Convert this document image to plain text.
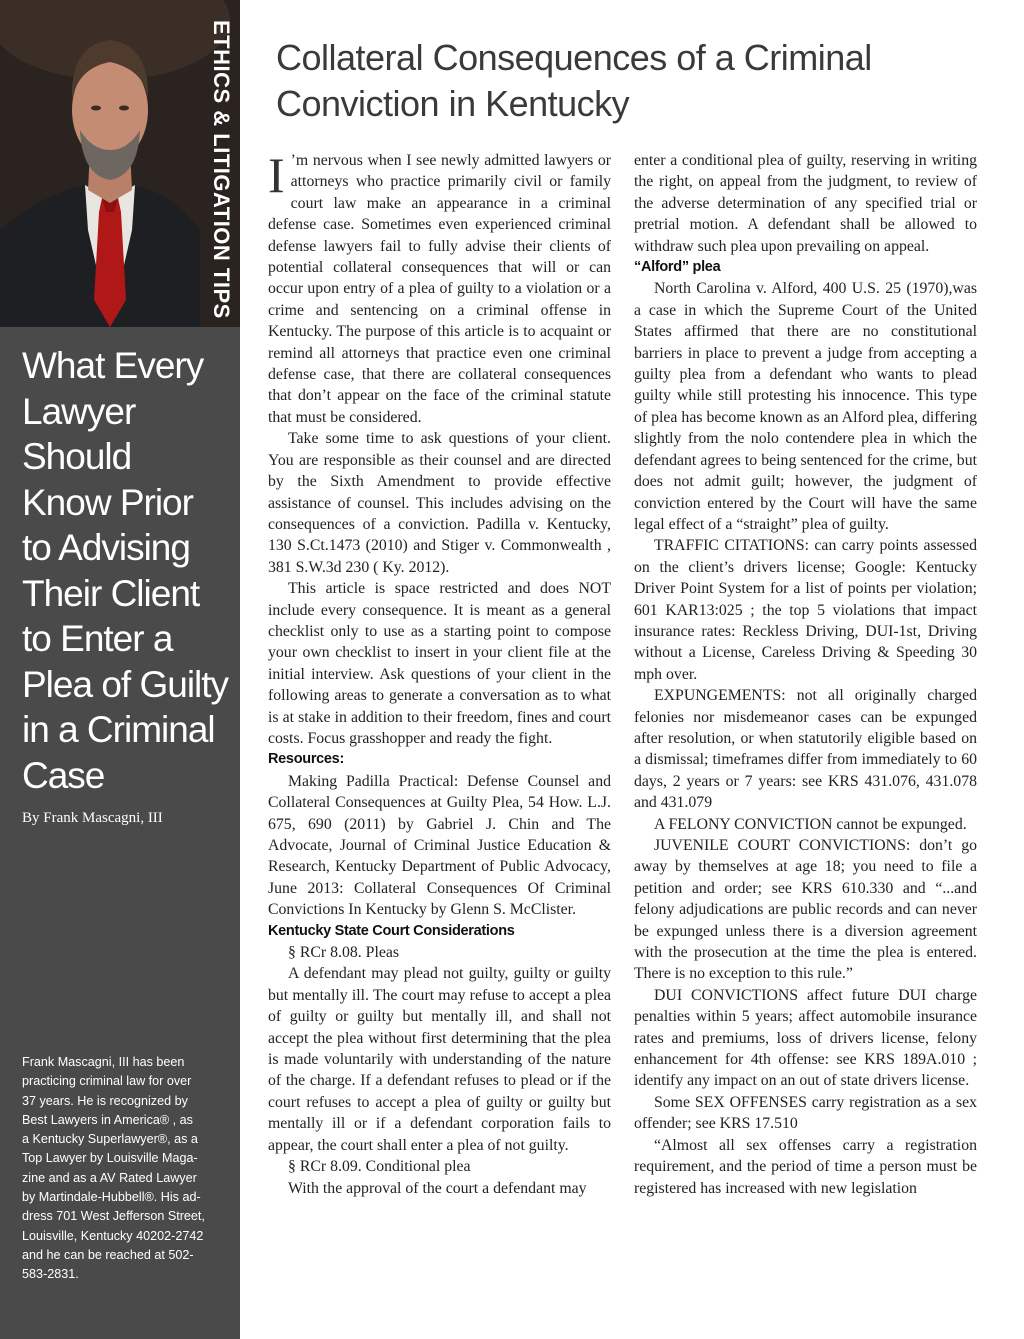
ETHICS & LITIGATION TIPS
What Every
Lawyer
Should
Know Prior
to Advising
Their Client
to Enter a
Plea of Guilty
in a Criminal
Case
By Frank Mascagni, III
Frank Mascagni, III has been
practicing criminal law for over
37 years. He is recognized by
Best Lawyers in America® , as
a Kentucky Superlawyer®, as a
Top Lawyer by Louisville Maga-
zine and as a AV Rated Lawyer
by Martindale-Hubbell®. His ad-
dress 701 West Jefferson Street,
Louisville, Kentucky 40202-2742
and he can be reached at 502-
583-2831.
Collateral Consequences of a Criminal
Conviction in Kentucky

I ’m nervous when I see newly admitted lawyers or attorneys who practice primarily civil or family court law make an appearance in a criminal defense case. Sometimes even experienced criminal defense lawyers fail to fully advise their clients of potential collateral consequences that will or can occur upon entry of a plea of guilty to a violation or a crime and sentencing on a criminal offense in Kentucky. The purpose of this article is to acquaint or remind all attorneys that practice even one criminal defense case, that there are collateral consequences that don’t appear on the face of the criminal statute that must be considered.

Take some time to ask questions of your client. You are responsible as their counsel and are directed by the Sixth Amendment to provide effective assistance of counsel. This includes advising on the consequences of a conviction. Padilla v. Kentucky, 130 S.Ct.1473 (2010) and Stiger v. Commonwealth , 381 S.W.3d 230 ( Ky. 2012).

This article is space restricted and does NOT include every consequence. It is meant as a general checklist only to use as a starting point to compose your own checklist to insert in your client file at the initial interview. Ask questions of your client in the following areas to generate a conversation as to what is at stake in addition to their freedom, fines and court costs. Focus grasshopper and ready the fight.

Resources:

Making Padilla Practical: Defense Counsel and Collateral Consequences at Guilty Plea, 54 How. L.J. 675, 690 (2011) by Gabriel J. Chin and The Advocate, Journal of Criminal Justice Education & Research, Kentucky Department of Public Advocacy, June 2013: Collateral Consequences Of Criminal Convictions In Kentucky by Glenn S. McClister.

Kentucky State Court Considerations

§ RCr 8.08. Pleas

A defendant may plead not guilty, guilty or guilty but mentally ill. The court may refuse to accept a plea of guilty or guilty but mentally ill, and shall not accept the plea without first determining that the plea is made voluntarily with understanding of the nature of the charge. If a defendant refuses to plead or if the court refuses to accept a plea of guilty or guilty but mentally ill or if a defendant corporation fails to appear, the court shall enter a plea of not guilty.

§ RCr 8.09. Conditional plea

With the approval of the court a defendant may

enter a conditional plea of guilty, reserving in writing the right, on appeal from the judgment, to review of the adverse determination of any specified trial or pretrial motion. A defendant shall be allowed to withdraw such plea upon prevailing on appeal.

“Alford” plea

North Carolina v. Alford, 400 U.S. 25 (1970),was a case in which the Supreme Court of the United States affirmed that there are no constitutional barriers in place to prevent a judge from accepting a guilty plea from a defendant who wants to plead guilty while still protesting his innocence. This type of plea has become known as an Alford plea, differing slightly from the nolo contendere plea in which the defendant agrees to being sentenced for the crime, but does not admit guilt; however, the judgment of conviction entered by the Court will have the same legal effect of a “straight” plea of guilty.

TRAFFIC CITATIONS: can carry points assessed on the client’s drivers license; Google: Kentucky Driver Point System for a list of points per violation; 601 KAR13:025 ; the top 5 violations that impact insurance rates: Reckless Driving, DUI-1st, Driving without a License, Careless Driving & Speeding 30 mph over.

EXPUNGEMENTS: not all originally charged felonies nor misdemeanor cases can be expunged after resolution, or when statutorily eligible based on a dismissal; timeframes differ from immediately to 60 days, 2 years or 7 years: see KRS 431.076, 431.078 and 431.079

A FELONY CONVICTION cannot be expunged.

JUVENILE COURT CONVICTIONS: don’t go away by themselves at age 18; you need to file a petition and order; see KRS 610.330 and “...and felony adjudications are public records and can never be expunged unless there is a diversion agreement with the prosecution at the time the plea is entered. There is no exception to this rule.”

DUI CONVICTIONS affect future DUI charge penalties within 5 years; affect automobile insurance rates and premiums, loss of drivers license, felony enhancement for 4th offense: see KRS 189A.010 ; identify any impact on an out of state drivers license.

Some SEX OFFENSES carry registration as a sex offender; see KRS 17.510

“Almost all sex offenses carry a registration requirement, and the period of time a person must be registered has increased with new legislation
